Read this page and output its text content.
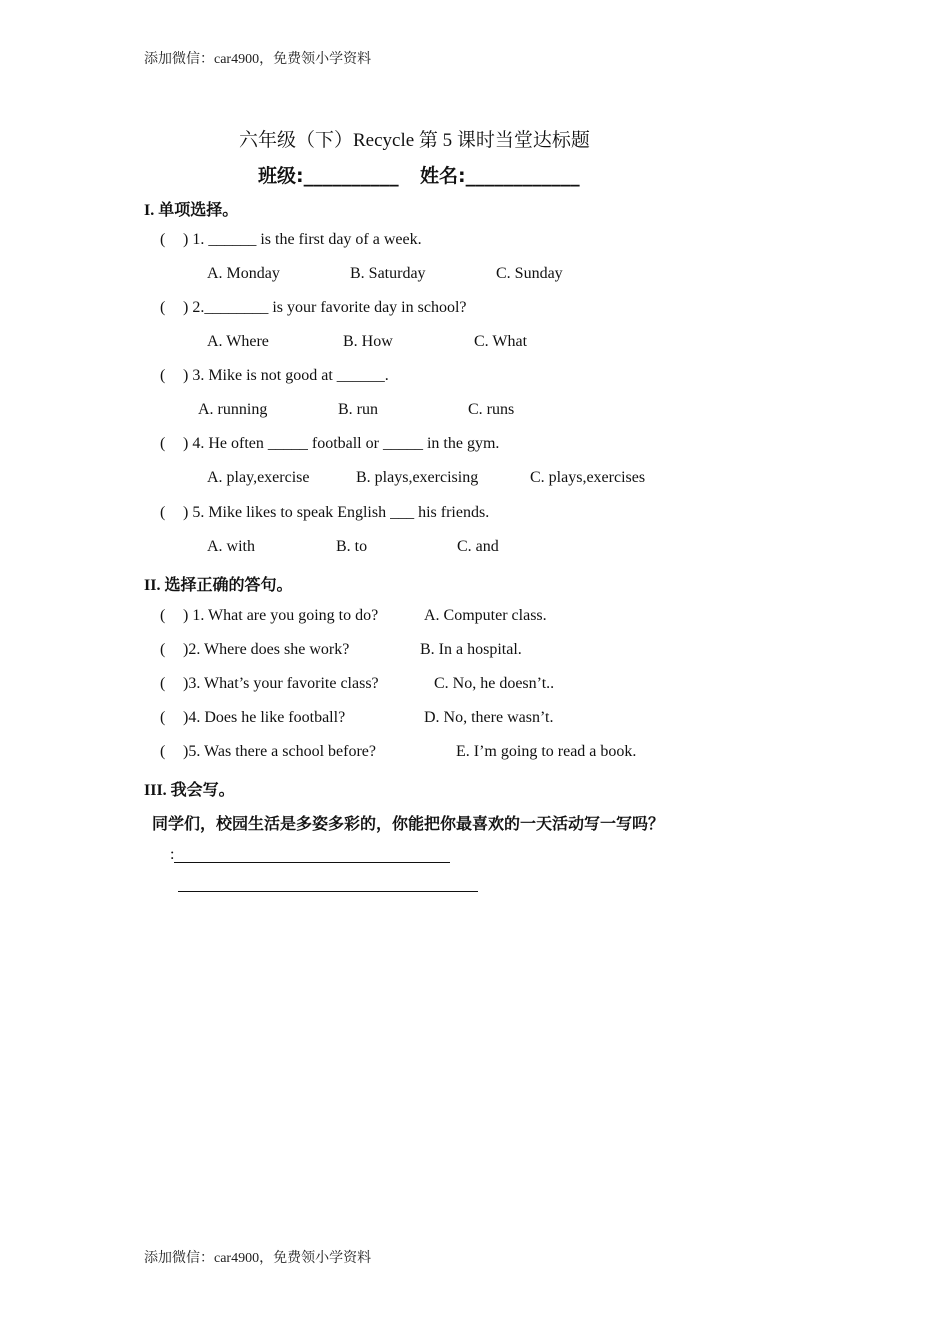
添加微信：car4900，免费领小学资料
添加微信：car4900，免费领小学资料
六年级（下）Recycle 第 5 课时当堂达标题
班级:__________ 姓名:____________
I. 单项选择。
( ) 1. ______ is the first day of a week.
A. Monday	B. Saturday	C. Sunday
( ) 2.________ is your favorite day in school?
A. Where	B. How	C. What
( ) 3. Mike is not good at ______.
A. running	B. run	C. runs
( ) 4. He often _____ football or _____ in the gym.
A. play,exercise	B. plays,exercising	C. plays,exercises
( ) 5. Mike likes to speak English ___ his friends.
A. with	B. to	C. and
II. 选择正确的答句。
( ) 1. What are you going to do?	A. Computer class.
( )2. Where does she work?	B. In a hospital.
( )3. What’s your favorite class?	C. No, he doesn’t..
( )4. Does he like football?	D. No, there wasn’t.
( )5. Was there a school before?	E. I’m going to read a book.
III. 我会写。
同学们，校园生活是多姿多彩的，你能把你最喜欢的一天活动写一写吗？
:
